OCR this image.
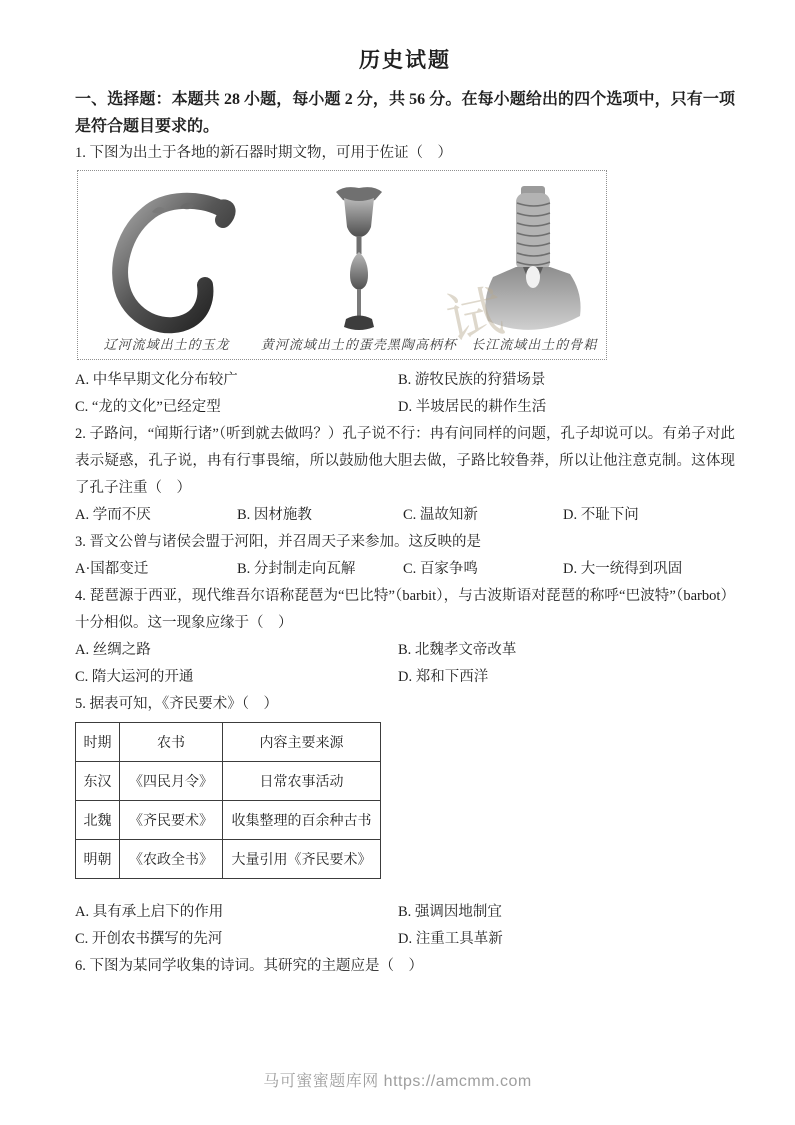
历史试题

一、选择题：本题共 28 小题，每小题 2 分，共 56 分。在每小题给出的四个选项中，只有一项是符合题目要求的。

1. 下图为出土于各地的新石器时期文物，可用于佐证（　）

试
辽河流域出土的玉龙 黄河流域出土的蛋壳黑陶高柄杯 长江流域出土的骨耜
A. 中华早期文化分布较广	B. 游牧民族的狩猎场景
C. “龙的文化”已经定型	D. 半坡居民的耕作生活

2. 子路问，“闻斯行诸”（听到就去做吗？）孔子说不行：冉有问同样的问题，孔子却说可以。有弟子对此表示疑惑，孔子说，冉有行事畏缩，所以鼓励他大胆去做，子路比较鲁莽，所以让他注意克制。这体现了孔子注重（　）

A. 学而不厌	B. 因材施教	C. 温故知新	D. 不耻下问

3. 晋文公曾与诸侯会盟于河阳，并召周天子来参加。这反映的是

A·国都变迁	B. 分封制走向瓦解	C. 百家争鸣	D. 大一统得到巩固

4. 琵琶源于西亚，现代维吾尔语称琵琶为“巴比特”（barbit），与古波斯语对琵琶的称呼“巴波特”（barbot）十分相似。这一现象应缘于（　）

A. 丝绸之路	B. 北魏孝文帝改革
C. 隋大运河的开通	D. 郑和下西洋

5. 据表可知，《齐民要术》（　）

时期	农书	内容主要来源
东汉	《四民月令》	日常农事活动
北魏	《齐民要术》	收集整理的百余种古书
明朝	《农政全书》	大量引用《齐民要术》
A. 具有承上启下的作用	B. 强调因地制宜
C. 开创农书撰写的先河	D. 注重工具革新

6. 下图为某同学收集的诗词。其研究的主题应是（　）

马可蜜蜜题库网 https://amcmm.com
